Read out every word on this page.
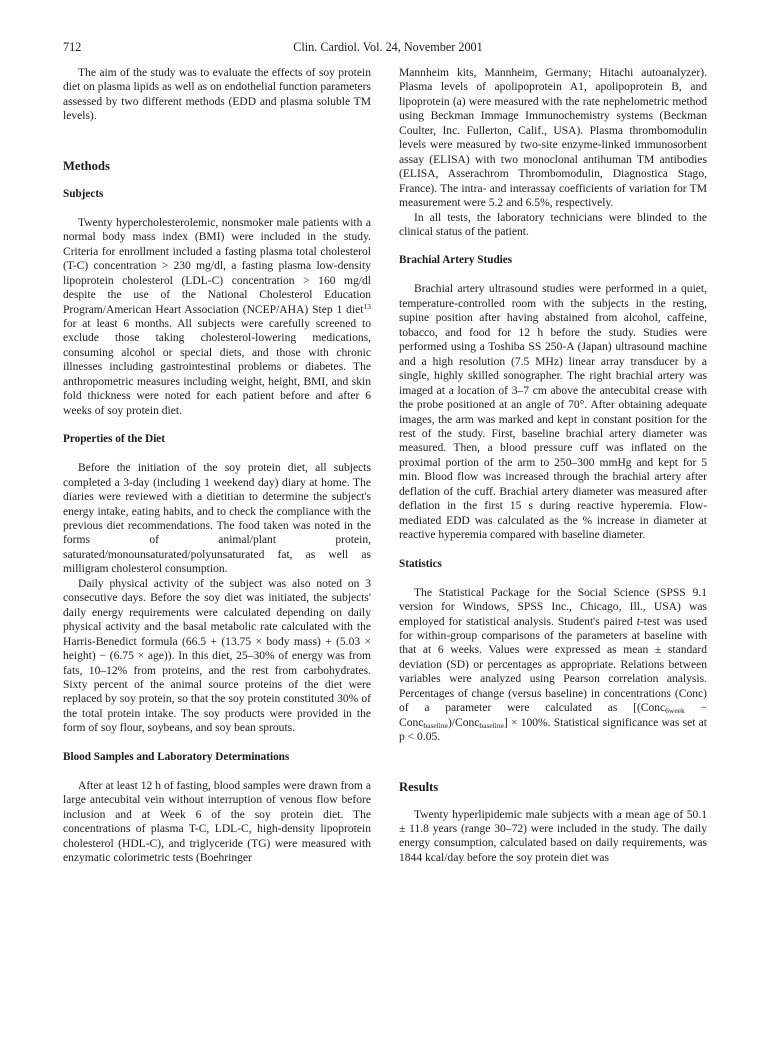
712	Clin. Cardiol. Vol. 24, November 2001

The aim of the study was to evaluate the effects of soy protein diet on plasma lipids as well as on endothelial function parameters assessed by two different methods (EDD and plasma soluble TM levels).

Methods
Subjects

Twenty hypercholesterolemic, nonsmoker male patients with a normal body mass index (BMI) were included in the study. Criteria for enrollment included a fasting plasma total cholesterol (T-C) concentration > 230 mg/dl, a fasting plasma low-density lipoprotein cholesterol (LDL-C) concentration > 160 mg/dl despite the use of the National Cholesterol Education Program/American Heart Association (NCEP/AHA) Step 1 diet$^{13}$ for at least 6 months. All subjects were carefully screened to exclude those taking cholesterol-lowering medications, consuming alcohol or special diets, and those with chronic illnesses including gastrointestinal problems or diabetes. The anthropometric measures including weight, height, BMI, and skin fold thickness were noted for each patient before and after 6 weeks of soy protein diet.

Properties of the Diet

Before the initiation of the soy protein diet, all subjects completed a 3-day (including 1 weekend day) diary at home. The diaries were reviewed with a dietitian to determine the subject's energy intake, eating habits, and to check the compliance with the previous diet recommendations. The food taken was noted in the forms of animal/plant protein, saturated/monounsaturated/polyunsaturated fat, as well as milligram cholesterol consumption.

Daily physical activity of the subject was also noted on 3 consecutive days. Before the soy diet was initiated, the subjects' daily energy requirements were calculated depending on daily physical activity and the basal metabolic rate calculated with the Harris-Benedict formula (66.5 + (13.75 × body mass) + (5.03 × height) − (6.75 × age)). In this diet, 25–30% of energy was from fats, 10–12% from proteins, and the rest from carbohydrates. Sixty percent of the animal source proteins of the diet were replaced by soy protein, so that the soy protein constituted 30% of the total protein intake. The soy products were provided in the form of soy flour, soybeans, and soy bean sprouts.

Blood Samples and Laboratory Determinations

After at least 12 h of fasting, blood samples were drawn from a large antecubital vein without interruption of venous flow before inclusion and at Week 6 of the soy protein diet. The concentrations of plasma T-C, LDL-C, high-density lipoprotein cholesterol (HDL-C), and triglyceride (TG) were measured with enzymatic colorimetric tests (Boehringer

Mannheim kits, Mannheim, Germany; Hitachi autoanalyzer). Plasma levels of apolipoprotein A1, apolipoprotein B, and lipoprotein (a) were measured with the rate nephelometric method using Beckman Immage Immunochemistry systems (Beckman Coulter, Inc. Fullerton, Calif., USA). Plasma thrombomodulin levels were measured by two-site enzyme-linked immunosorbent assay (ELISA) with two monoclonal antihuman TM antibodies (ELISA, Asserachrom Thrombomodulin, Diagnostica Stago, France). The intra- and interassay coefficients of variation for TM measurement were 5.2 and 6.5%, respectively.

In all tests, the laboratory technicians were blinded to the clinical status of the patient.

Brachial Artery Studies

Brachial artery ultrasound studies were performed in a quiet, temperature-controlled room with the subjects in the resting, supine position after having abstained from alcohol, caffeine, tobacco, and food for 12 h before the study. Studies were performed using a Toshiba SS 250-A (Japan) ultrasound machine and a high resolution (7.5 MHz) linear array transducer by a single, highly skilled sonographer. The right brachial artery was imaged at a location of 3–7 cm above the antecubital crease with the probe positioned at an angle of 70°. After obtaining adequate images, the arm was marked and kept in constant position for the rest of the study. First, baseline brachial artery diameter was measured. Then, a blood pressure cuff was inflated on the proximal portion of the arm to 250–300 mmHg and kept for 5 min. Blood flow was increased through the brachial artery after deflation of the cuff. Brachial artery diameter was measured after deflation in the first 15 s during reactive hyperemia. Flow-mediated EDD was calculated as the % increase in diameter at reactive hyperemia compared with baseline diameter.

Statistics

The Statistical Package for the Social Science (SPSS 9.1 version for Windows, SPSS Inc., Chicago, Ill., USA) was employed for statistical analysis. Student's paired t-test was used for within-group comparisons of the parameters at baseline with that at 6 weeks. Values were expressed as mean ± standard deviation (SD) or percentages as appropriate. Relations between variables were analyzed using Pearson correlation analysis. Percentages of change (versus baseline) in concentrations (Conc) of a parameter were calculated as [(Conc$_{6week}$ − Conc$_{baseline}$)/Conc$_{baseline}$] × 100%. Statistical significance was set at p < 0.05.

Results

Twenty hyperlipidemic male subjects with a mean age of 50.1 ± 11.8 years (range 30–72) were included in the study. The daily energy consumption, calculated based on daily requirements, was 1844 kcal/day before the soy protein diet was
